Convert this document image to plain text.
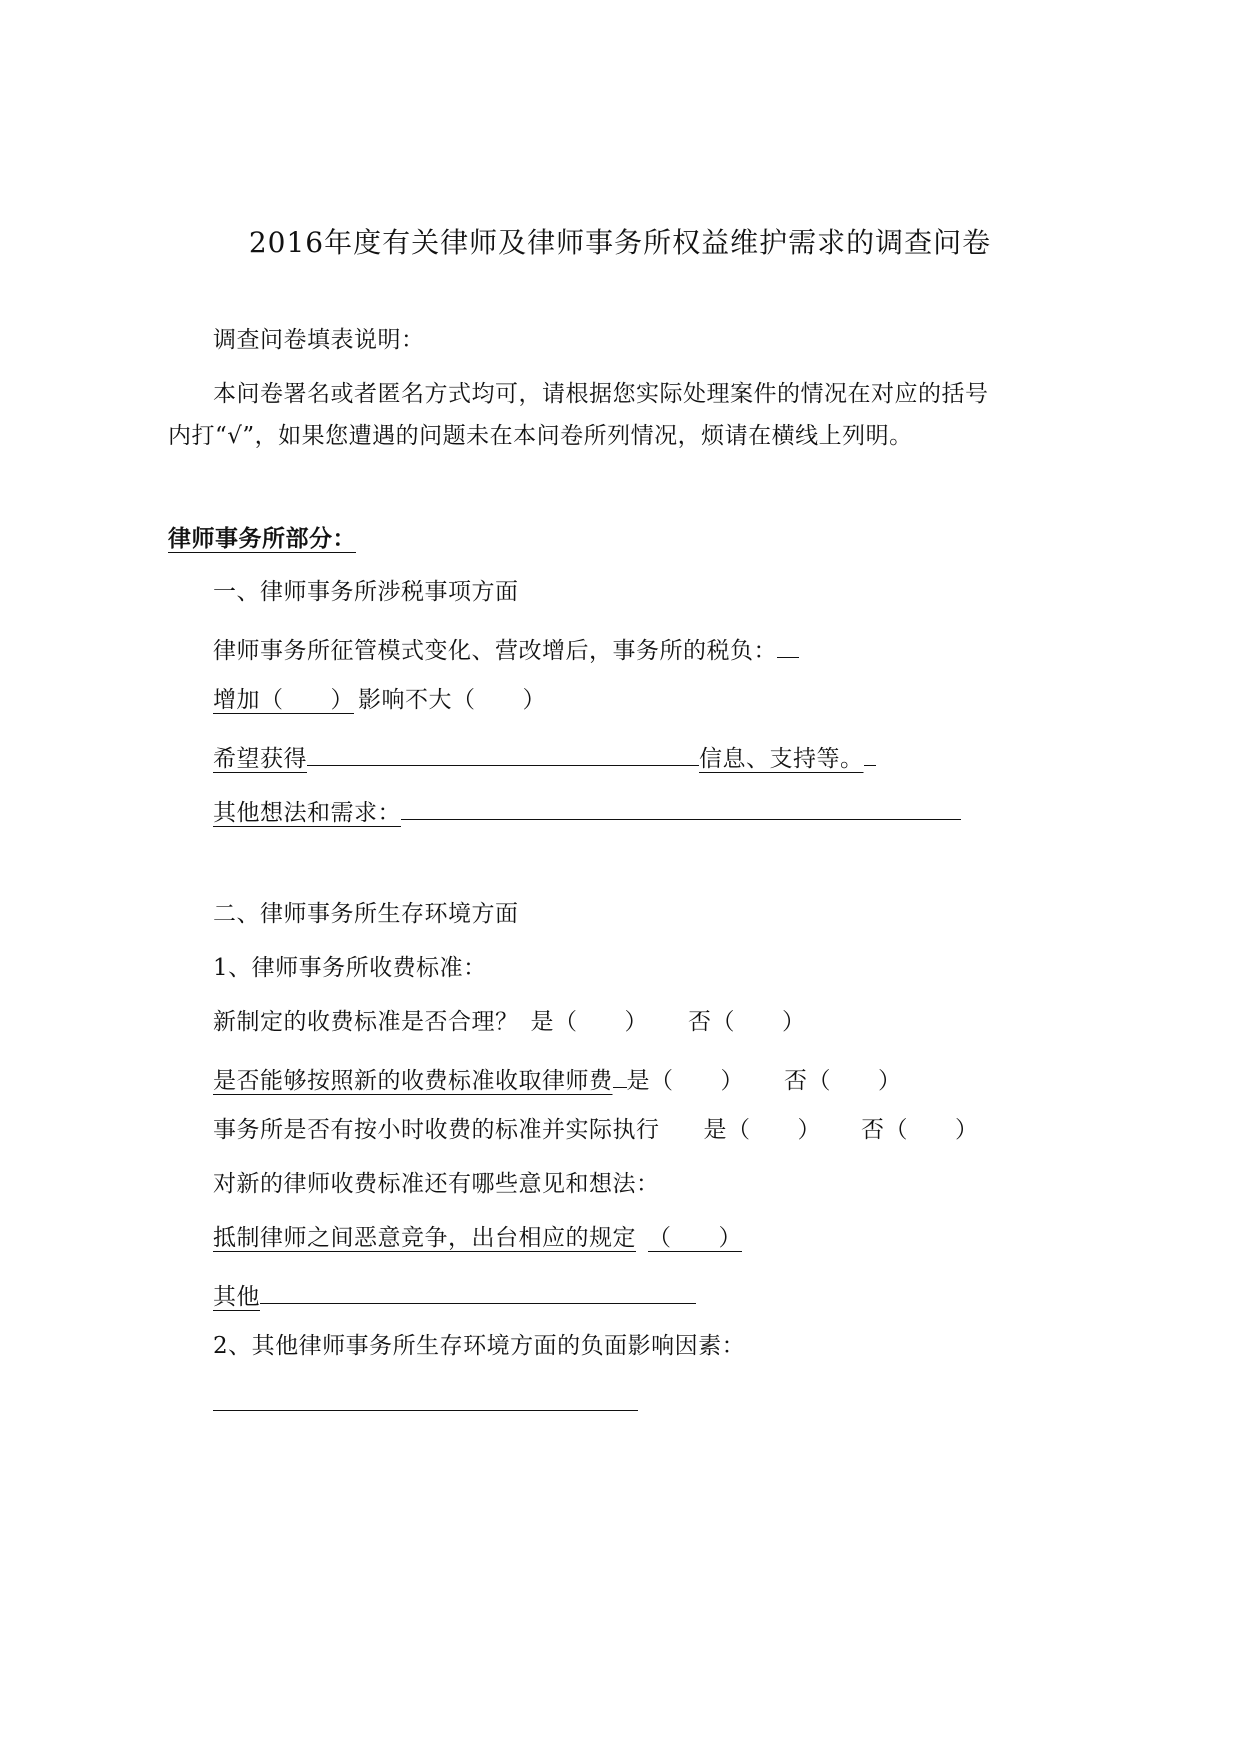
2016年度有关律师及律师事务所权益维护需求的调查问卷
调查问卷填表说明：
本问卷署名或者匿名方式均可，请根据您实际处理案件的情况在对应的括号
内打“√”，如果您遭遇的问题未在本问卷所列情况，烦请在横线上列明。
律师事务所部分：
一、律师事务所涉税事项方面
律师事务所征管模式变化、营改增后，事务所的税负：
增加（　　） 影响不大（　　）
希望获得	信息、支持等。
其他想法和需求：
二、律师事务所生存环境方面
1、律师事务所收费标准：
新制定的收费标准是否合理？ 是（　　） 否（　　）
是否能够按照新的收费标准收取律师费 是（　　） 否（　　）
事务所是否有按小时收费的标准并实际执行 是（　　） 否（　　）
对新的律师收费标准还有哪些意见和想法：
抵制律师之间恶意竞争，出台相应的规定 （　　）
其他
2、其他律师事务所生存环境方面的负面影响因素：
